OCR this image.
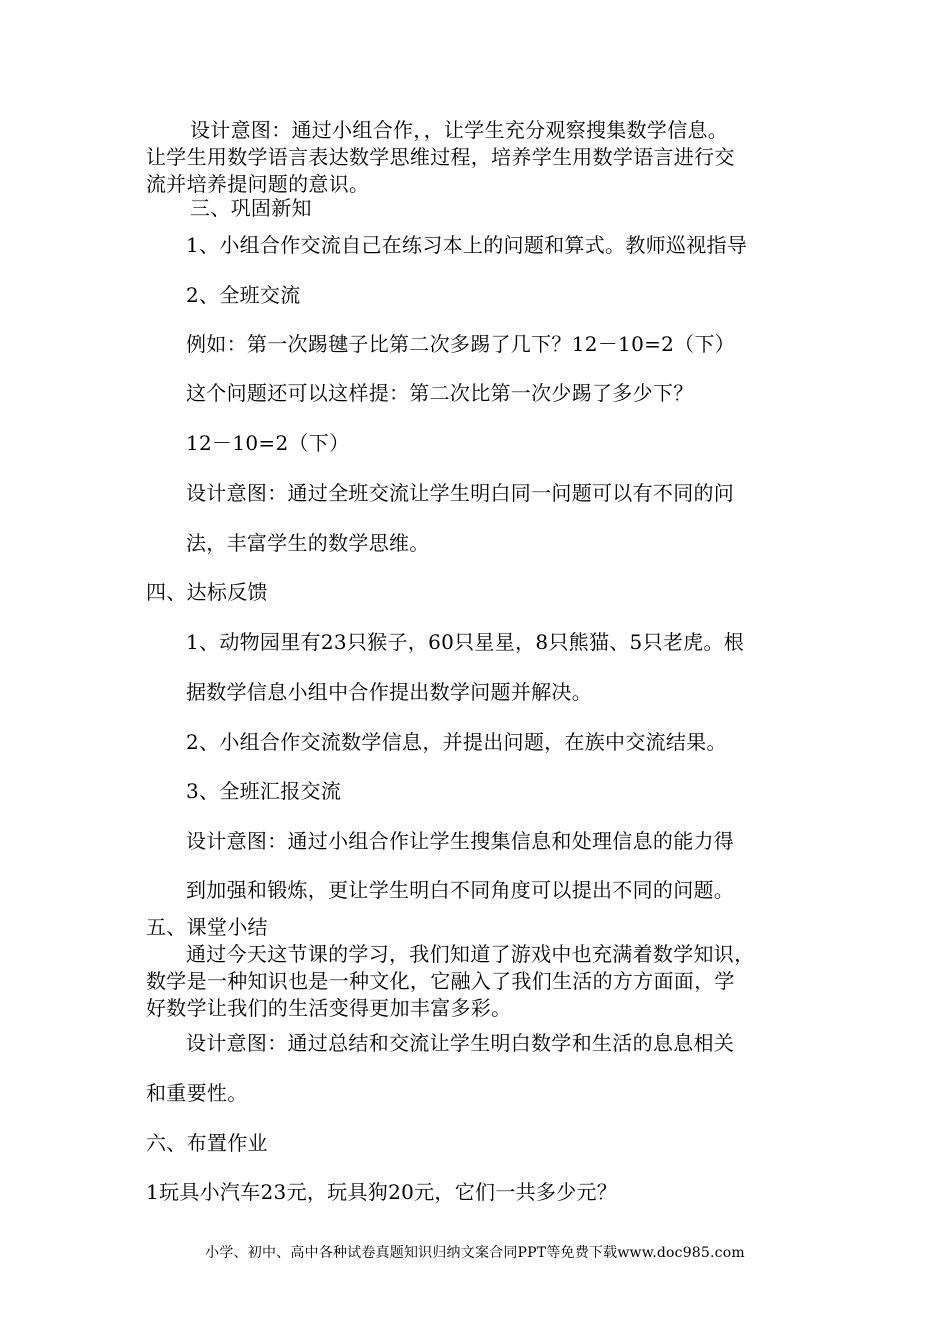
设计意图：通过小组合作，，让学生充分观察搜集数学信息。
让学生用数学语言表达数学思维过程，培养学生用数学语言进行交
流并培养提问题的意识。
三、巩固新知
1、小组合作交流自己在练习本上的问题和算式。教师巡视指导
2、全班交流
例如：第一次踢毽子比第二次多踢了几下？12－10=2（下）
这个问题还可以这样提：第二次比第一次少踢了多少下？
12－10=2（下）
设计意图：通过全班交流让学生明白同一问题可以有不同的问
法，丰富学生的数学思维。
四、达标反馈
1、动物园里有23只猴子，60只星星，8只熊猫、5只老虎。根
据数学信息小组中合作提出数学问题并解决。
2、小组合作交流数学信息，并提出问题，在族中交流结果。
3、全班汇报交流
设计意图：通过小组合作让学生搜集信息和处理信息的能力得
到加强和锻炼，更让学生明白不同角度可以提出不同的问题。
五、课堂小结
通过今天这节课的学习，我们知道了游戏中也充满着数学知识，
数学是一种知识也是一种文化，它融入了我们生活的方方面面，学
好数学让我们的生活变得更加丰富多彩。
设计意图：通过总结和交流让学生明白数学和生活的息息相关
和重要性。
六、布置作业
1玩具小汽车23元，玩具狗20元，它们一共多少元？
小学、初中、高中各种试卷真题知识归纳文案合同PPT等免费下载www.doc985.com
